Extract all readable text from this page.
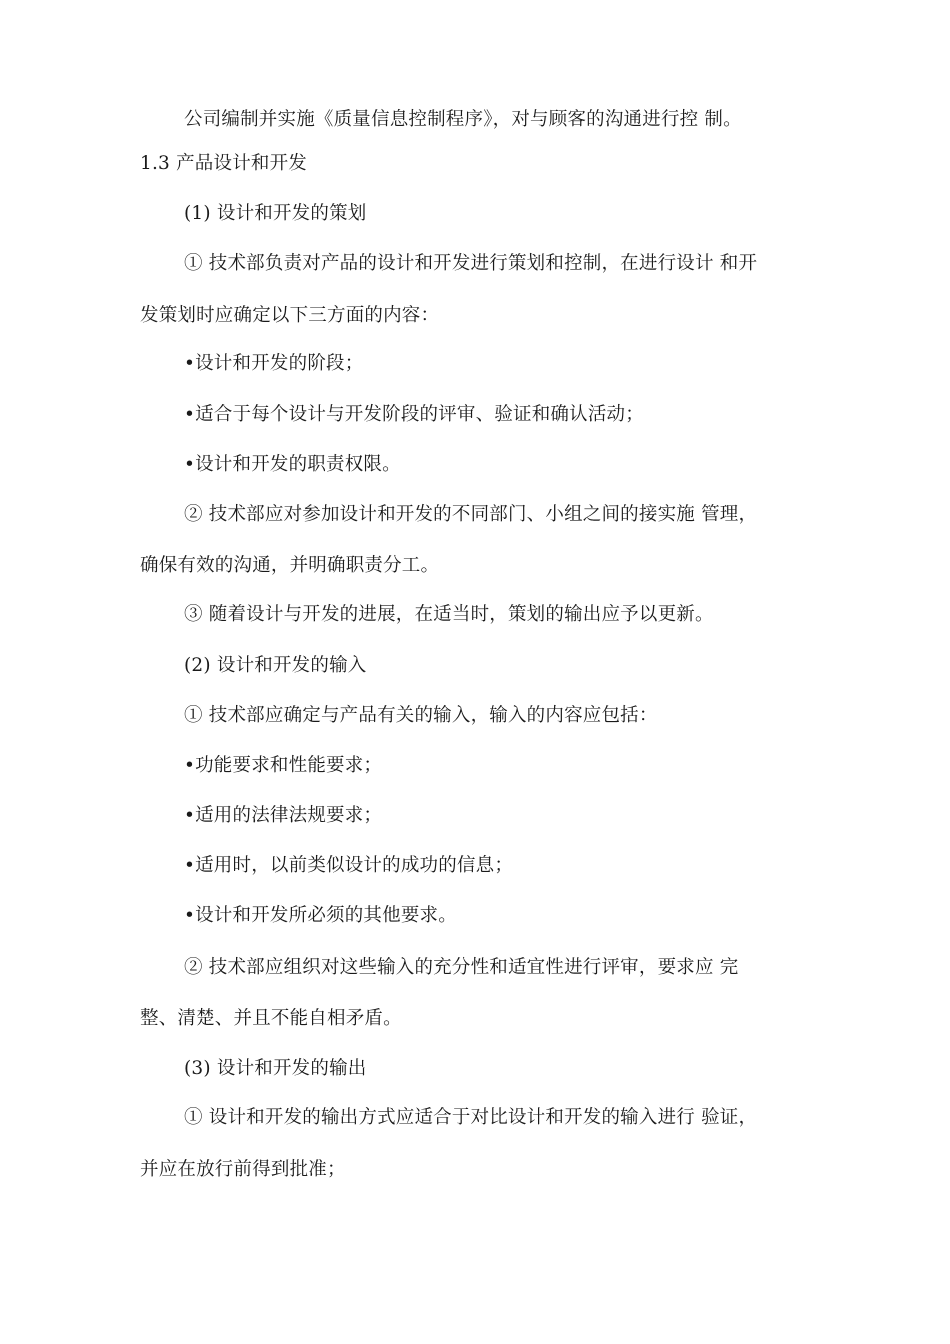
公司编制并实施《质量信息控制程序》，对与顾客的沟通进行控 制。
1.3 产品设计和开发
(1) 设计和开发的策划
① 技术部负责对产品的设计和开发进行策划和控制，在进行设计 和开
发策划时应确定以下三方面的内容：
•设计和开发的阶段；
•适合于每个设计与开发阶段的评审、验证和确认活动；
•设计和开发的职责权限。
② 技术部应对参加设计和开发的不同部门、小组之间的接实施 管理，
确保有效的沟通，并明确职责分工。
③ 随着设计与开发的进展，在适当时，策划的输出应予以更新。
(2) 设计和开发的输入
① 技术部应确定与产品有关的输入，输入的内容应包括：
•功能要求和性能要求；
•适用的法律法规要求；
•适用时，以前类似设计的成功的信息；
•设计和开发所必须的其他要求。
② 技术部应组织对这些输入的充分性和适宜性进行评审，要求应 完
整、清楚、并且不能自相矛盾。
(3) 设计和开发的输出
① 设计和开发的输出方式应适合于对比设计和开发的输入进行 验证，
并应在放行前得到批准；
